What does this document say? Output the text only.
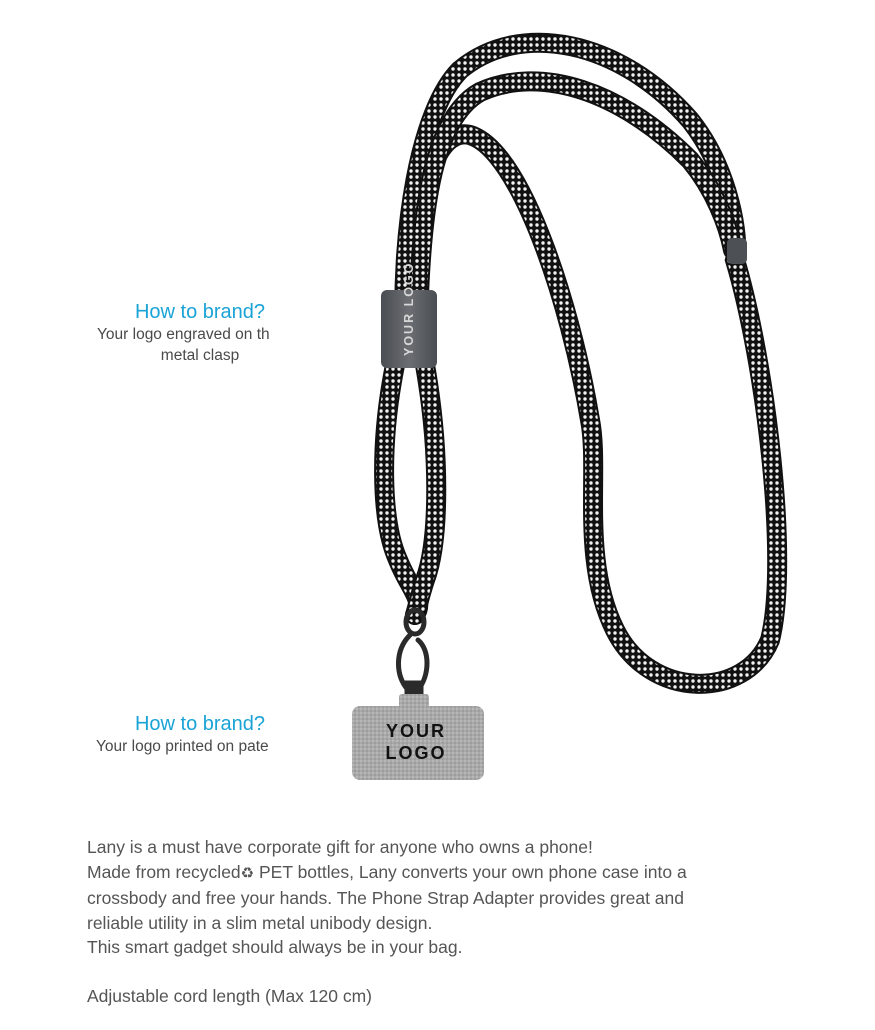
YOUR LOGO
YOUR
LOGO
How to brand?
Your logo engraved on th
metal clasp
How to brand?
Your logo printed on pate

Lany is a must have corporate gift for anyone who owns a phone!

Made from recycled♻ PET bottles, Lany converts your own phone case into a

crossbody and free your hands. The Phone Strap Adapter provides great and

reliable utility in a slim metal unibody design.

This smart gadget should always be in your bag.

Adjustable cord length (Max 120 cm)
